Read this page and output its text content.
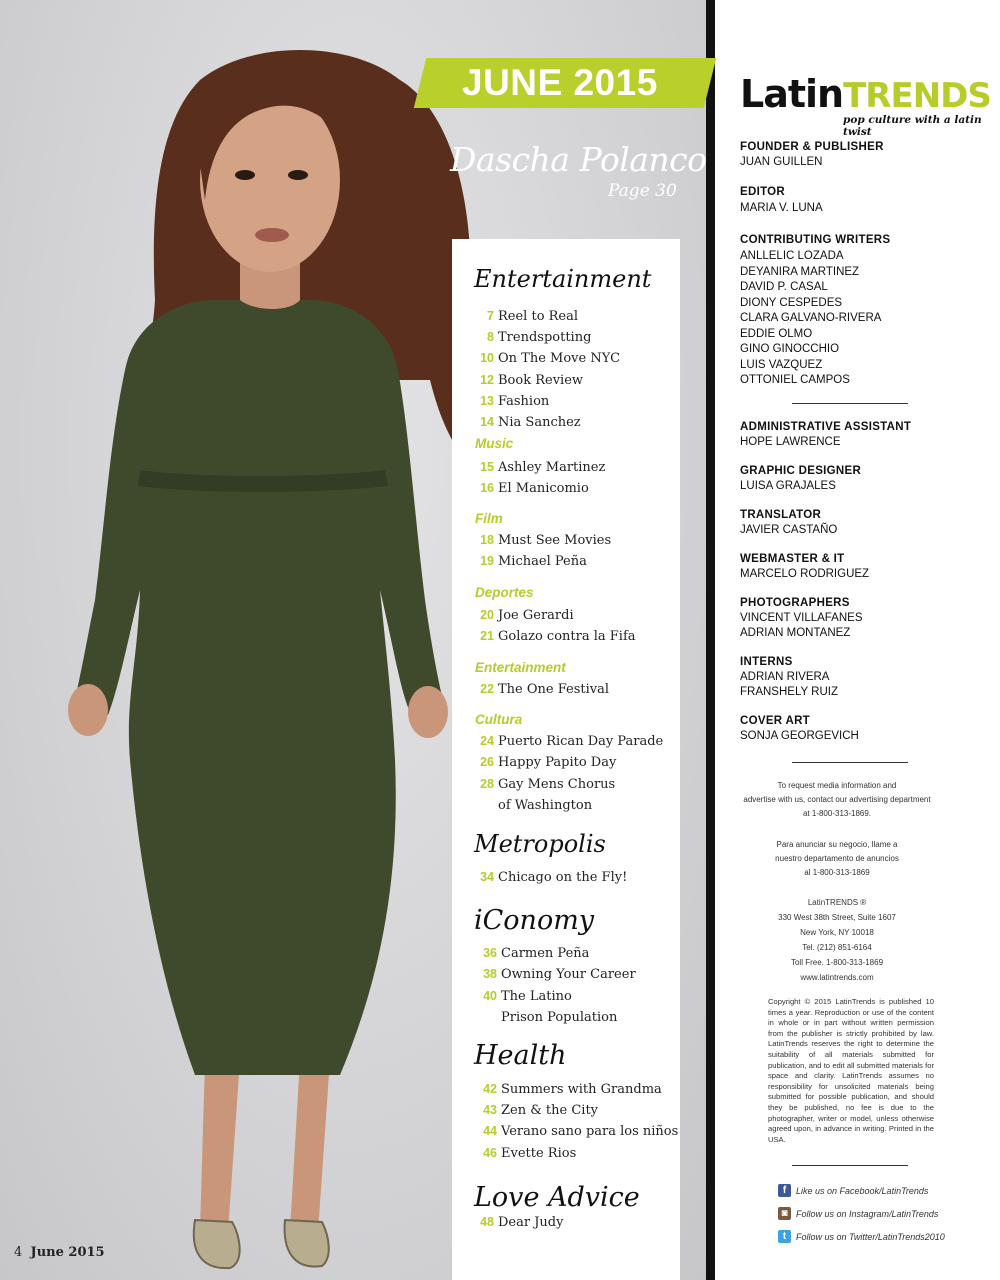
JUNE 2015
Dascha Polanco
Page 30
Entertainment
Music
Film
Deportes
Entertainment
Cultura
of Washington
Metropolis
iConomy
Prison Population
Health
Love Advice
4 June 2015
LatinTRENDS
pop culture with a latin twist
FOUNDER & PUBLISHER
JUAN GUILLEN
EDITOR
MARIA V. LUNA
CONTRIBUTING WRITERS
ADMINISTRATIVE ASSISTANT
HOPE LAWRENCE
GRAPHIC DESIGNER
LUISA GRAJALES
TRANSLATOR
JAVIER CASTAÑO
WEBMASTER & IT
MARCELO RODRIGUEZ
PHOTOGRAPHERS
VINCENT VILLAFANES
ADRIAN MONTANEZ
INTERNS
ADRIAN RIVERA
FRANSHELY RUIZ
COVER ART
SONJA GEORGEVICH
To request media information and
advertise with us, contact our advertising department
at 1-800-313-1869.
Para anunciar su negocio, llame a
nuestro departamento de anuncios
al 1-800-313-1869
LatinTRENDS ®
330 West 38th Street, Suite 1607
New York, NY 10018
Tel. (212) 851-6164
Toll Free. 1-800-313-1869
www.latintrends.com
Copyright © 2015 LatinTrends is published 10 times a year. Reproduction or use of the content in whole or in part without written permission from the publisher is strictly prohibited by law. LatinTrends reserves the right to determine the suitability of all materials submitted for publication, and to edit all submitted materials for space and clarity. LatinTrends assumes no responsibility for unsolicited materials being submitted for possible publication, and should they be published, no fee is due to the photographer, writer or model, unless otherwise agreed upon, in advance in writing. Printed in the USA.
f	Like us on Facebook/LatinTrends
◙ Follow us on Instagram/LatinTrends
t	Follow us on Twitter/LatinTrends2010
7 Reel to Real
8 Trendspotting
10 On The Move NYC
12 Book Review
13 Fashion
14 Nia Sanchez
15 Ashley Martinez
16 El Manicomio
18 Must See Movies
19 Michael Peña
20 Joe Gerardi
21 Golazo contra la Fifa
22 The One Festival
24 Puerto Rican Day Parade
26 Happy Papito Day
28 Gay Mens Chorus
34 Chicago on the Fly!
36 Carmen Peña
38 Owning Your Career
40 The Latino
42 Summers with Grandma
43 Zen & the City
44 Verano sano para los niños
46 Evette Rios
48 Dear Judy
ANLLELIC LOZADA
DEYANIRA MARTINEZ
DAVID P. CASAL
DIONY CESPEDES
CLARA GALVANO-RIVERA
EDDIE OLMO
GINO GINOCCHIO
LUIS VAZQUEZ
OTTONIEL CAMPOS
